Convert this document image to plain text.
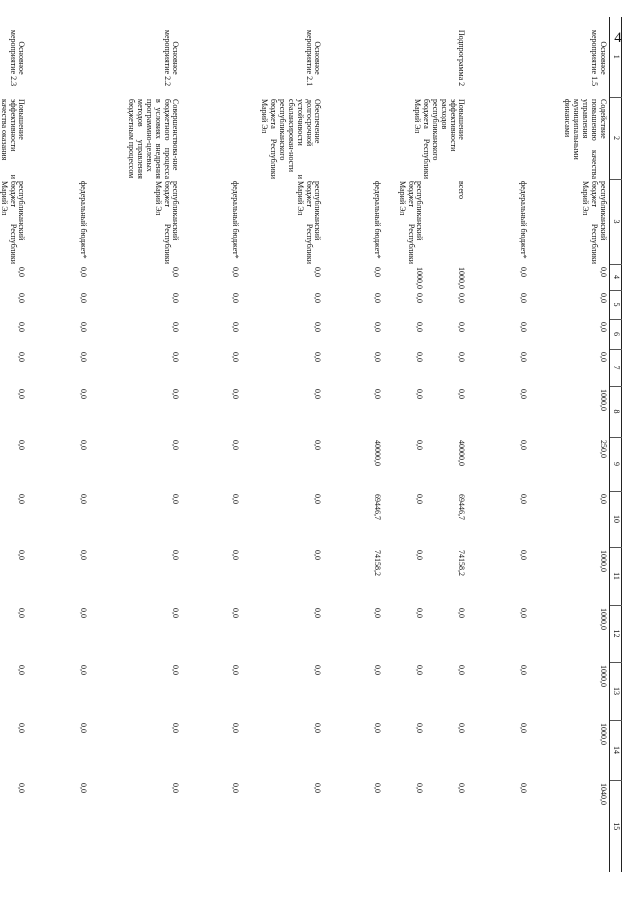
4
1	2	3	4	5	6	7	8	9	10	11	12	13	14	15
Основное мероприятие 1.5	Содействие повышению качества управления муниципальными финансами	республиканский бюджет Республики Марий Эл	0,0	0,0	0,0	0,0	1000,0	250,0	0,0	1000,0	1000,0	1000,0	1000,0	1040,0
		федеральный бюджет*	0,0	0,0	0,0	0,0	0,0	0,0	0,0	0,0	0,0	0,0	0,0	0,0
Подпрограмма 2	Повышение эффективности расходов республиканского бюджета Республики Марий Эл	всего	1000,0	0,0	0,0	0,0	0,0	40000,0	69446,7	74158,2	0,0	0,0	0,0	0,0
		республиканский бюджет Республики Марий Эл	1000,0	0,0	0,0	0,0	0,0	0,0	0,0	0,0	0,0	0,0	0,0	0,0
		федеральный бюджет*	0,0	0,0	0,0	0,0	0,0	40000,0	69446,7	74158,2	0,0	0,0	0,0	0,0
Основное мероприятие 2.1	Обеспечение долгосрочной устойчивости и сбалансирован-ности республиканского бюджета Республики Марий Эл	республиканский бюджет Республики Марий Эл	0,0	0,0	0,0	0,0	0,0	0,0	0,0	0,0	0,0	0,0	0,0	0,0
		федеральный бюджет*	0,0	0,0	0,0	0,0	0,0	0,0	0,0	0,0	0,0	0,0	0,0	0,0
Основное мероприятие 2.2	Совершенствова-ние бюджетного процесса в условиях внедрения программно-целевых методов управления бюджетным процессом	республиканский бюджет Республики Марий Эл	0,0	0,0	0,0	0,0	0,0	0,0	0,0	0,0	0,0	0,0	0,0	0,0
		федеральный бюджет*	0,0	0,0	0,0	0,0	0,0	0,0	0,0	0,0	0,0	0,0	0,0	0,0
Основное мероприятие 2.3	Повышение эффективности и качества оказания	республиканский бюджет Республики Марий Эл	0,0	0,0	0,0	0,0	0,0	0,0	0,0	0,0	0,0	0,0	0,0	0,0
